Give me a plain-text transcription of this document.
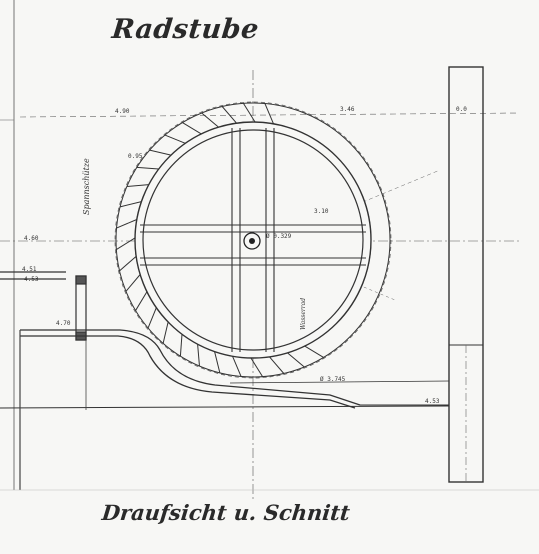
Radstube
Draufsicht u. Schnitt
Spannschütze
Wasserrad
4.90	3.46	0.0
Ø 0.329
4.60
0.95
4.51
4.53
4.70
Ø 3.745
4.53
3.10
